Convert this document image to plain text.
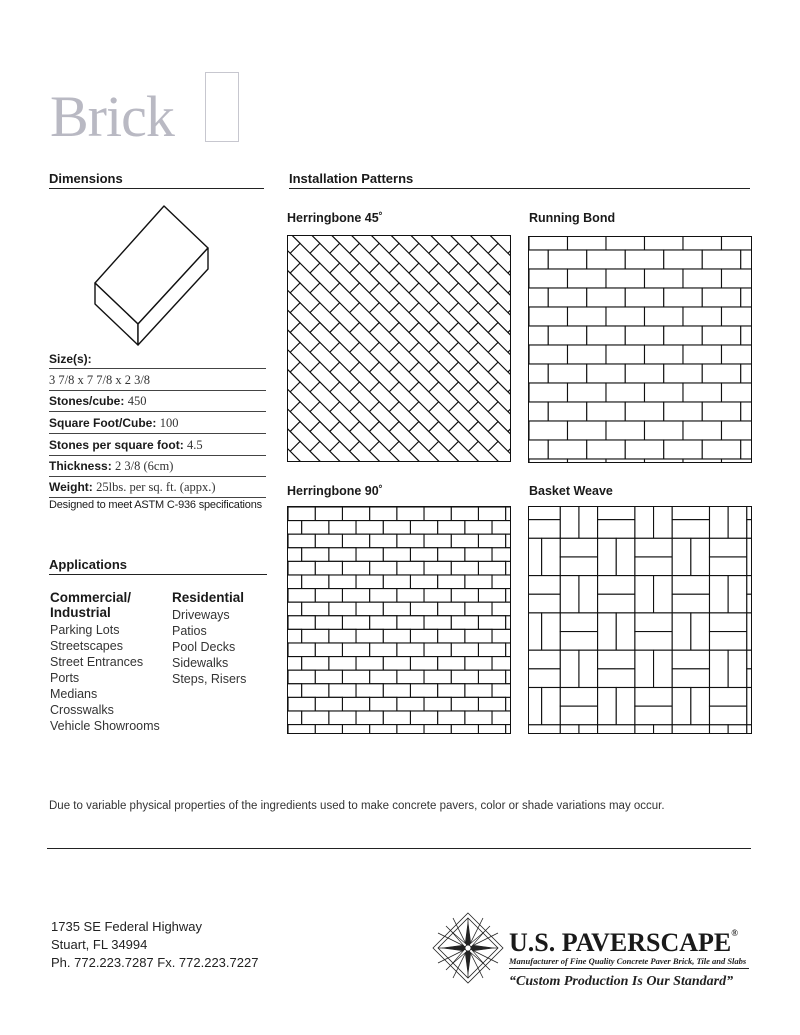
Brick
Dimensions
Size(s):
3 7/8 x 7 7/8 x 2 3/8
Stones/cube: 450
Square Foot/Cube: 100
Stones per square foot: 4.5
Thickness: 2 3/8 (6cm)
Weight: 25lbs. per sq. ft. (appx.)
Designed to meet ASTM C-936 specifications
Applications
Commercial/
Industrial
Parking Lots
Streetscapes
Street Entrances
Ports
Medians
Crosswalks
Vehicle Showrooms
Residential
Driveways
Patios
Pool Decks
Sidewalks
Steps, Risers
Installation Patterns
Herringbone 45˚	Running Bond
Herringbone 90˚	Basket Weave
Due to variable physical properties of the ingredients used to make concrete pavers, color or shade variations may occur.
1735 SE Federal Highway
Stuart, FL 34994
Ph. 772.223.7287 Fx. 772.223.7227
U.S. PAVERSCAPE®
Manufacturer of Fine Quality Concrete Paver Brick, Tile and Slabs
“Custom Production Is Our Standard”
